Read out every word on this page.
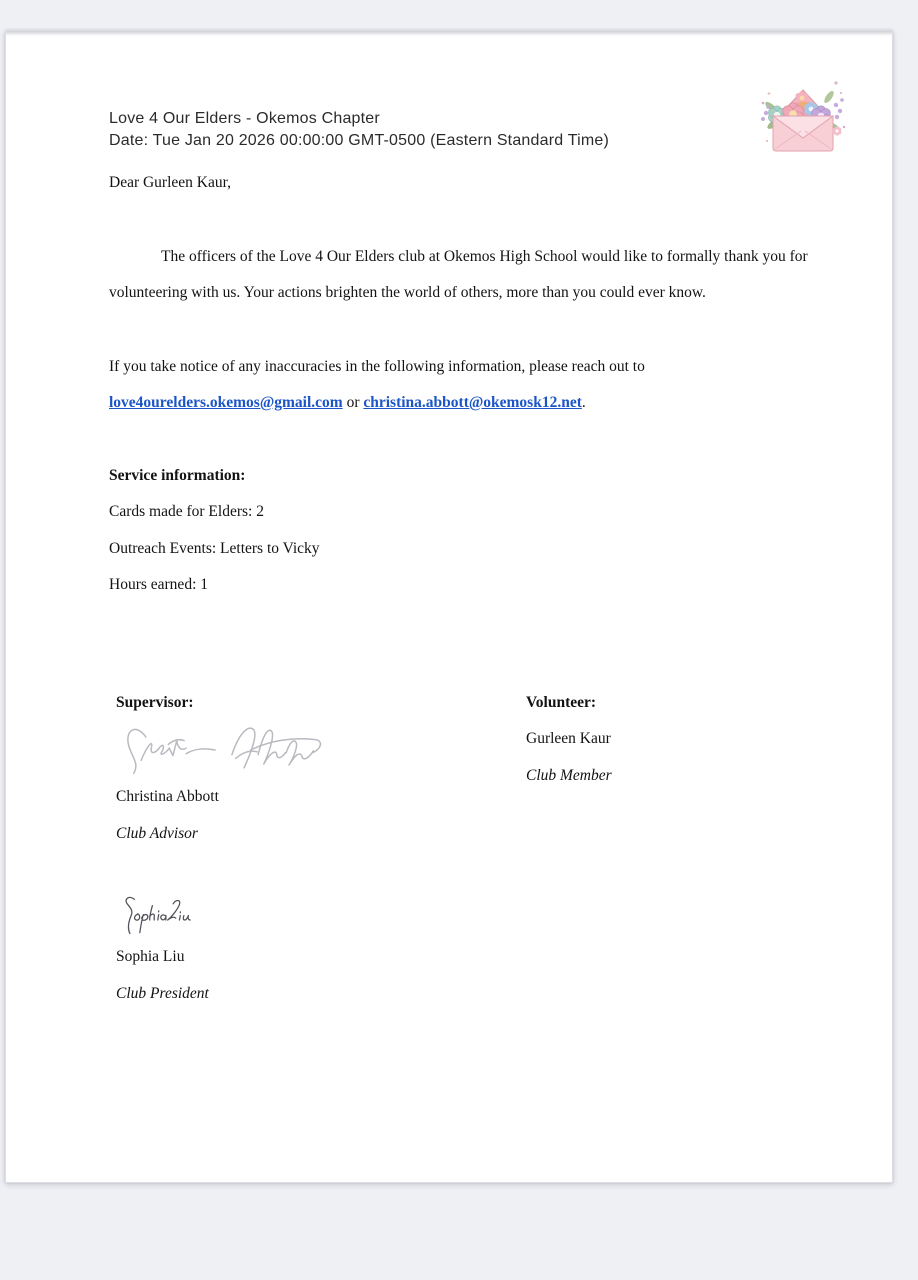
Love 4 Our Elders - Okemos Chapter
Date: Tue Jan 20 2026 00:00:00 GMT-0500 (Eastern Standard Time)

Dear Gurleen Kaur,

The officers of the Love 4 Our Elders club at Okemos High School would like to formally thank you for volunteering with us. Your actions brighten the world of others, more than you could ever know.

If you take notice of any inaccuracies in the following information, please reach out to love4ourelders.okemos@gmail.com or christina.abbott@okemosk12.net.

Service information:

Cards made for Elders: 2

Outreach Events: Letters to Vicky

Hours earned: 1

Supervisor:

Christina Abbott

Club Advisor

Sophia Liu

Club President

Volunteer:

Gurleen Kaur

Club Member
